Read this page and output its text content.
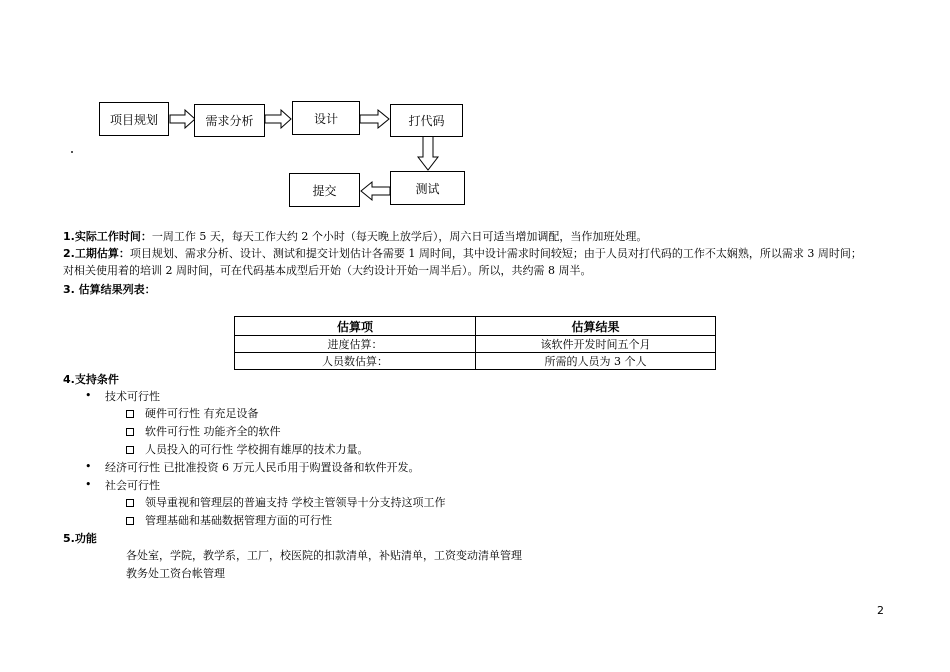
项目规划	需求分析	设计	打代码
测试
提交
1.实际工作时间：一周工作 5 天，每天工作大约 2 个小时（每天晚上放学后），周六日可适当增加调配，当作加班处理。
2.工期估算：项目规划、需求分析、设计、测试和提交计划估计各需要 1 周时间，其中设计需求时间较短；由于人员对打代码的工作不太娴熟，所以需求 3 周时间；
对相关使用着的培训 2 周时间，可在代码基本成型后开始（大约设计开始一周半后）。所以，共约需 8 周半。
3. 估算结果列表：
估算项	估算结果
进度估算：	该软件开发时间五个月
人员数估算：	所需的人员为 3 个人
4.支持条件
• 技术可行性
硬件可行性 有充足设备
软件可行性 功能齐全的软件
人员投入的可行性 学校拥有雄厚的技术力量。
• 经济可行性 已批准投资 6 万元人民币用于购置设备和软件开发。
• 社会可行性
领导重视和管理层的普遍支持 学校主管领导十分支持这项工作
管理基础和基础数据管理方面的可行性
5.功能
各处室，学院，教学系，工厂，校医院的扣款清单，补贴清单，工资变动清单管理
教务处工资台帐管理
2
